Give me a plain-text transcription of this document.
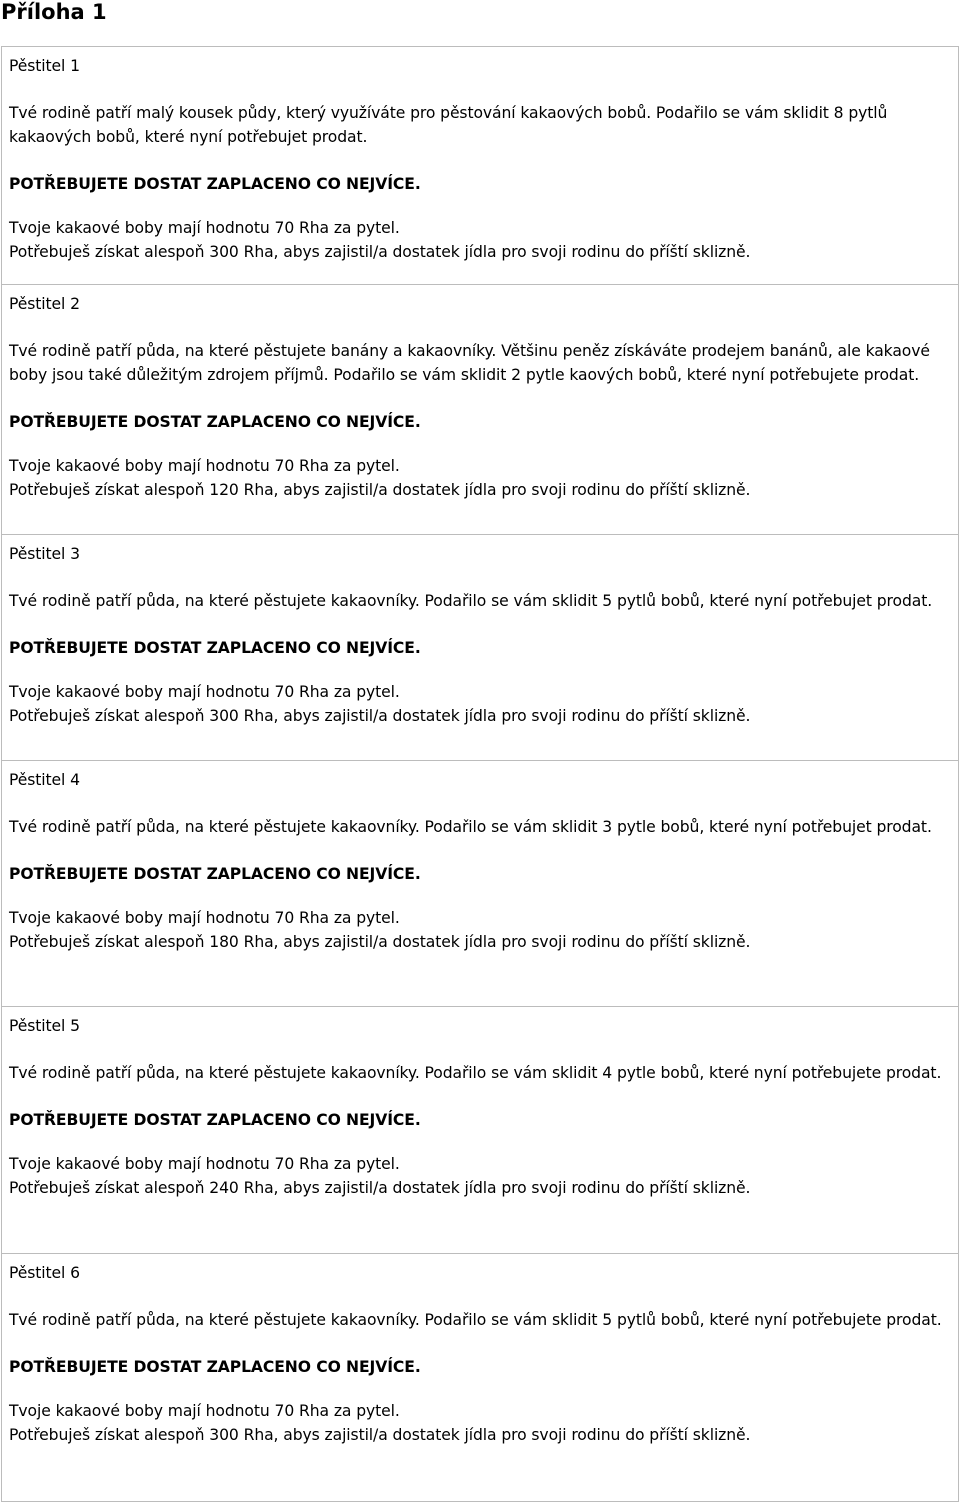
Příloha 1

Pěstitel 1

Tvé rodině patří malý kousek půdy, který využíváte pro pěstování kakaových bobů. Podařilo se vám sklidit 8 pytlů kakaových bobů, které nyní potřebujet prodat.

POTŘEBUJETE DOSTAT ZAPLACENO CO NEJVÍCE.

Tvoje kakaové boby mají hodnotu 70 Rha za pytel.

Potřebuješ získat alespoň 300 Rha, abys zajistil/a dostatek jídla pro svoji rodinu do příští sklizně.

Pěstitel 2

Tvé rodině patří půda, na které pěstujete banány a kakaovníky. Většinu peněz získáváte prodejem banánů, ale kakaové boby jsou také důležitým zdrojem příjmů. Podařilo se vám sklidit 2 pytle kaových bobů, které nyní potřebujete prodat.

POTŘEBUJETE DOSTAT ZAPLACENO CO NEJVÍCE.

Tvoje kakaové boby mají hodnotu 70 Rha za pytel.

Potřebuješ získat alespoň 120 Rha, abys zajistil/a dostatek jídla pro svoji rodinu do příští sklizně.

Pěstitel 3

Tvé rodině patří půda, na které pěstujete kakaovníky. Podařilo se vám sklidit 5 pytlů bobů, které nyní potřebujet prodat.

POTŘEBUJETE DOSTAT ZAPLACENO CO NEJVÍCE.

Tvoje kakaové boby mají hodnotu 70 Rha za pytel.

Potřebuješ získat alespoň 300 Rha, abys zajistil/a dostatek jídla pro svoji rodinu do příští sklizně.

Pěstitel 4

Tvé rodině patří půda, na které pěstujete kakaovníky. Podařilo se vám sklidit 3 pytle bobů, které nyní potřebujet prodat.

POTŘEBUJETE DOSTAT ZAPLACENO CO NEJVÍCE.

Tvoje kakaové boby mají hodnotu 70 Rha za pytel.

Potřebuješ získat alespoň 180 Rha, abys zajistil/a dostatek jídla pro svoji rodinu do příští sklizně.

Pěstitel 5

Tvé rodině patří půda, na které pěstujete kakaovníky. Podařilo se vám sklidit 4 pytle bobů, které nyní potřebujete prodat.

POTŘEBUJETE DOSTAT ZAPLACENO CO NEJVÍCE.

Tvoje kakaové boby mají hodnotu 70 Rha za pytel.

Potřebuješ získat alespoň 240 Rha, abys zajistil/a dostatek jídla pro svoji rodinu do příští sklizně.

Pěstitel 6

Tvé rodině patří půda, na které pěstujete kakaovníky. Podařilo se vám sklidit 5 pytlů bobů, které nyní potřebujete prodat.

POTŘEBUJETE DOSTAT ZAPLACENO CO NEJVÍCE.

Tvoje kakaové boby mají hodnotu 70 Rha za pytel.

Potřebuješ získat alespoň 300 Rha, abys zajistil/a dostatek jídla pro svoji rodinu do příští sklizně.
